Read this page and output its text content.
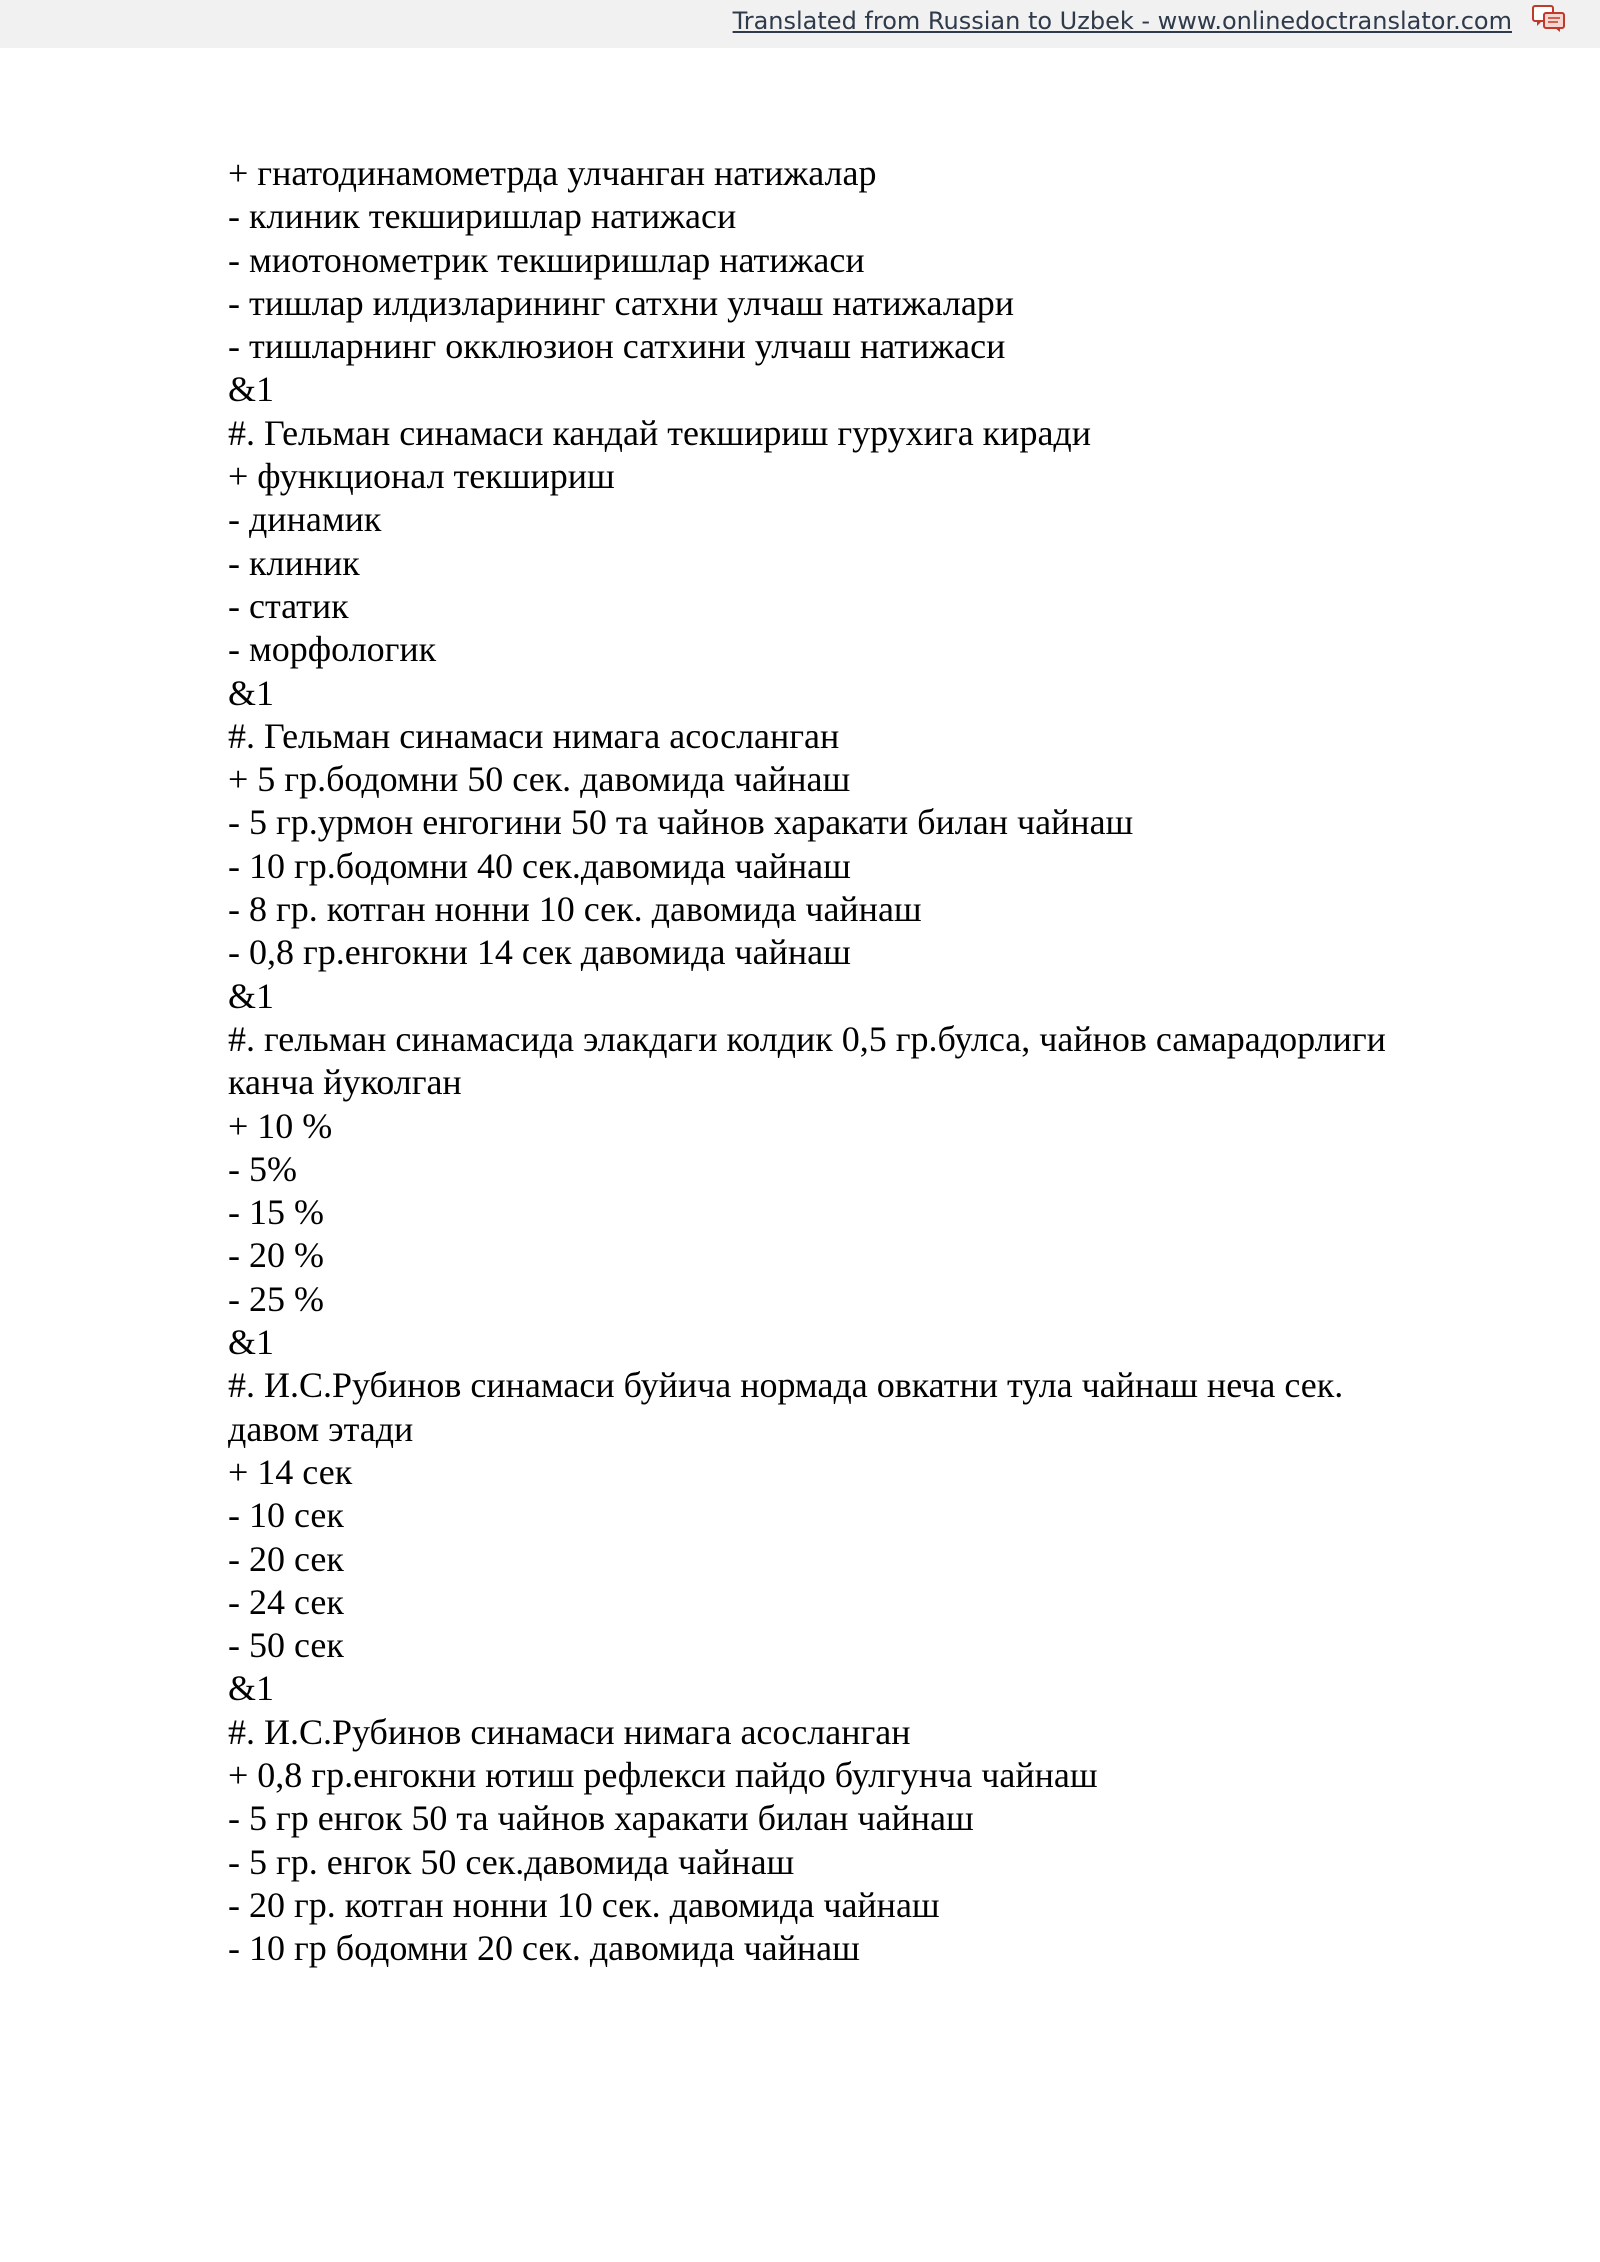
Translated from Russian to Uzbek - www.onlinedoctranslator.com
+ гнатодинамометрда улчанган натижалар
- клиник текширишлар натижаси
- миотонометрик текширишлар натижаси
- тишлар илдизларининг сатхни улчаш натижалари
- тишларнинг окклюзион сатхини улчаш натижаси
&1
#. Гельман синамаси кандай текшириш гурухига киради
+ функционал текшириш
- динамик
- клиник
- статик
- морфологик
&1
#. Гельман синамаси нимага асосланган
+ 5 гр.бодомни 50 сек. давомида чайнаш
- 5 гр.урмон енгогини 50 та чайнов харакати билан чайнаш
- 10 гр.бодомни 40 сек.давомида чайнаш
- 8 гр. котган нонни 10 сек. давомида чайнаш
- 0,8 гр.енгокни 14 сек давомида чайнаш
&1
#. гельман синамасида элакдаги колдик 0,5 гр.булса, чайнов самарадорлиги
канча йуколган
+ 10 %
- 5%
- 15 %
- 20 %
- 25 %
&1
#. И.С.Рубинов синамаси буйича нормада овкатни тула чайнаш неча сек.
давом этади
+ 14 сек
- 10 сек
- 20 сек
- 24 сек
- 50 сек
&1
#. И.С.Рубинов синамаси нимага асосланган
+ 0,8 гр.енгокни ютиш рефлекси пайдо булгунча чайнаш
- 5 гр енгок 50 та чайнов харакати билан чайнаш
- 5 гр. енгок 50 сек.давомида чайнаш
- 20 гр. котган нонни 10 сек. давомида чайнаш
- 10 гр бодомни 20 сек. давомида чайнаш
